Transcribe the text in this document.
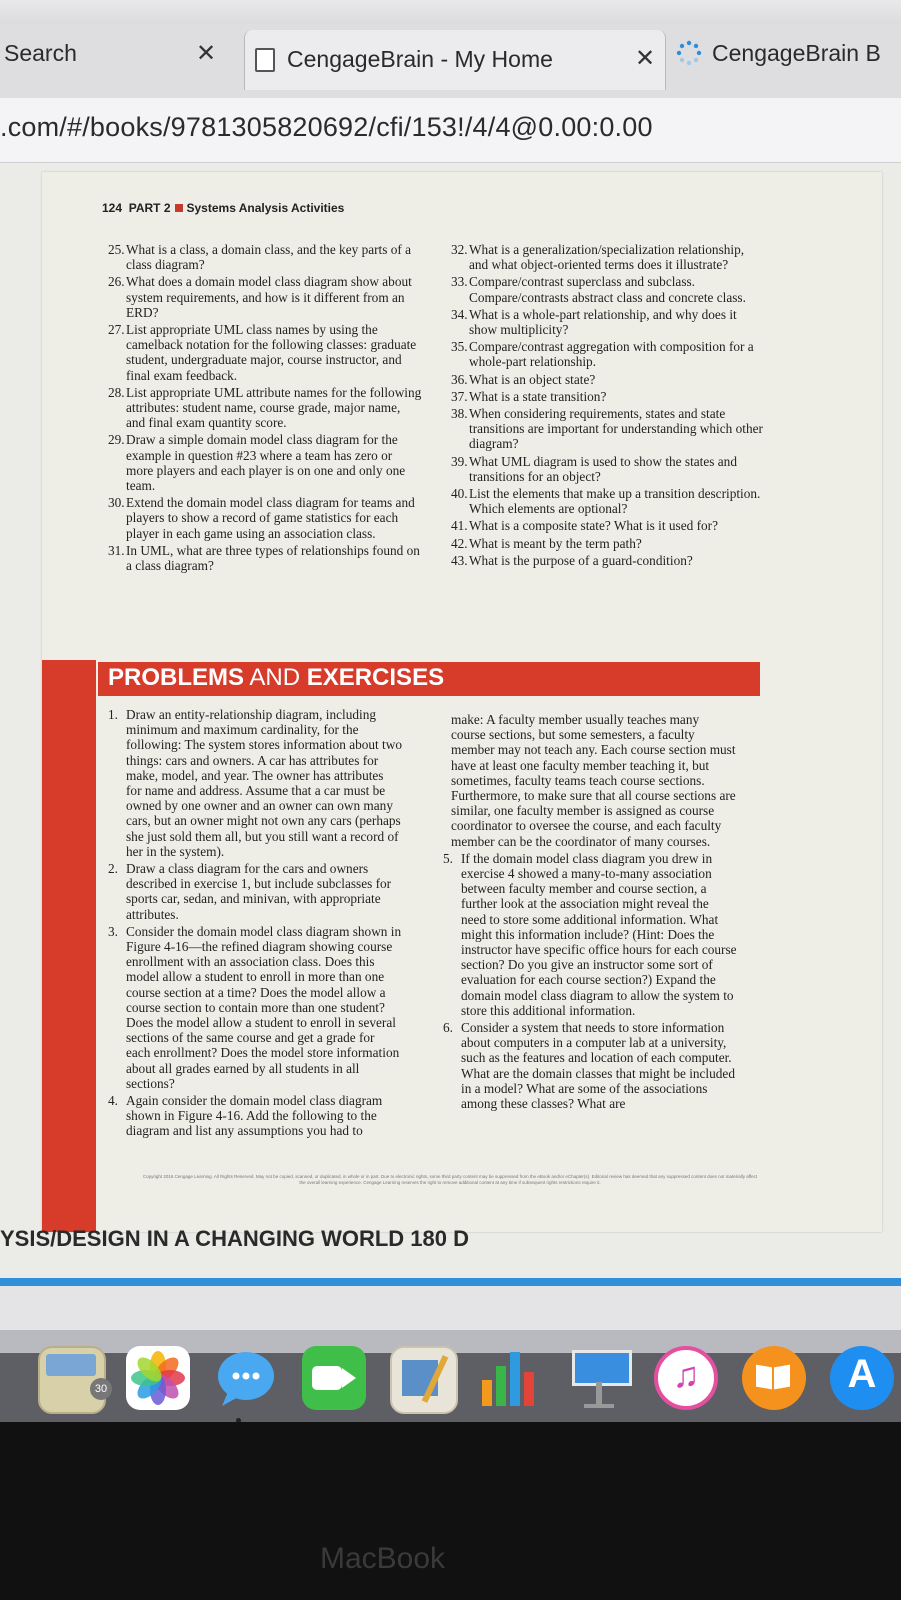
Search	✕	CengageBrain - My Home	✕ CengageBrain B
.com/#/books/9781305820692/cfi/153!/4/4@0.00:0.00
124 PART 2 Systems Analysis Activities

25.What is a class, a domain class, and the key parts of a class diagram?

26.What does a domain model class diagram show about system requirements, and how is it different from an ERD?

27.List appropriate UML class names by using the camelback notation for the following classes: graduate student, undergraduate major, course instructor, and final exam feedback.

28.List appropriate UML attribute names for the following attributes: student name, course grade, major name, and final exam quantity score.

29.Draw a simple domain model class diagram for the example in question #23 where a team has zero or more players and each player is on one and only one team.

30.Extend the domain model class diagram for teams and players to show a record of game statistics for each player in each game using an association class.

31.In UML, what are three types of relationships found on a class diagram?

32.What is a generalization/specialization relationship, and what object-oriented terms does it illustrate?

33.Compare/contrast superclass and subclass. Compare/contrasts abstract class and concrete class.

34.What is a whole-part relationship, and why does it show multiplicity?

35.Compare/contrast aggregation with composition for a whole-part relationship.

36.What is an object state?

37.What is a state transition?

38.When considering requirements, states and state transitions are important for understanding which other diagram?

39.What UML diagram is used to show the states and transitions for an object?

40.List the elements that make up a transition description. Which elements are optional?

41.What is a composite state? What is it used for?

42.What is meant by the term path?

43.What is the purpose of a guard-condition?

PROBLEMS AND EXERCISES

1. Draw an entity-relationship diagram, including minimum and maximum cardinality, for the following: The system stores information about two things: cars and owners. A car has attributes for make, model, and year. The owner has attributes for name and address. Assume that a car must be owned by one owner and an owner can own many cars, but an owner might not own any cars (perhaps she just sold them all, but you still want a record of her in the system).

2. Draw a class diagram for the cars and owners described in exercise 1, but include subclasses for sports car, sedan, and minivan, with appropriate attributes.

3. Consider the domain model class diagram shown in Figure 4-16—the refined diagram showing course enrollment with an association class. Does this model allow a student to enroll in more than one course section at a time? Does the model allow a course section to contain more than one student? Does the model allow a student to enroll in several sections of the same course and get a grade for each enrollment? Does the model store information about all grades earned by all students in all sections?

4. Again consider the domain model class diagram shown in Figure 4-16. Add the following to the diagram and list any assumptions you had to

make: A faculty member usually teaches many course sections, but some semesters, a faculty member may not teach any. Each course section must have at least one faculty member teaching it, but sometimes, faculty teams teach course sections. Furthermore, to make sure that all course sections are similar, one faculty member is assigned as course coordinator to oversee the course, and each faculty member can be the coordinator of many courses.

5. If the domain model class diagram you drew in exercise 4 showed a many-to-many association between faculty member and course section, a further look at the association might reveal the need to store some additional information. What might this information include? (Hint: Does the instructor have specific office hours for each course section? Do you give an instructor some sort of evaluation for each course section?) Expand the domain model class diagram to allow the system to store this additional information.

6. Consider a system that needs to store information about computers in a computer lab at a university, such as the features and location of each computer. What are the domain classes that might be included in a model? What are some of the associations among these classes? What are

Copyright 2016 Cengage Learning. All Rights Reserved. May not be copied, scanned, or duplicated, in whole or in part. Due to electronic rights, some third party content may be suppressed from the eBook and/or eChapter(s). Editorial review has deemed that any suppressed content does not materially affect the overall learning experience. Cengage Learning reserves the right to remove additional content at any time if subsequent rights restrictions require it.
YSIS/DESIGN IN A CHANGING WORLD 180 D
30	♫	A
MacBook
